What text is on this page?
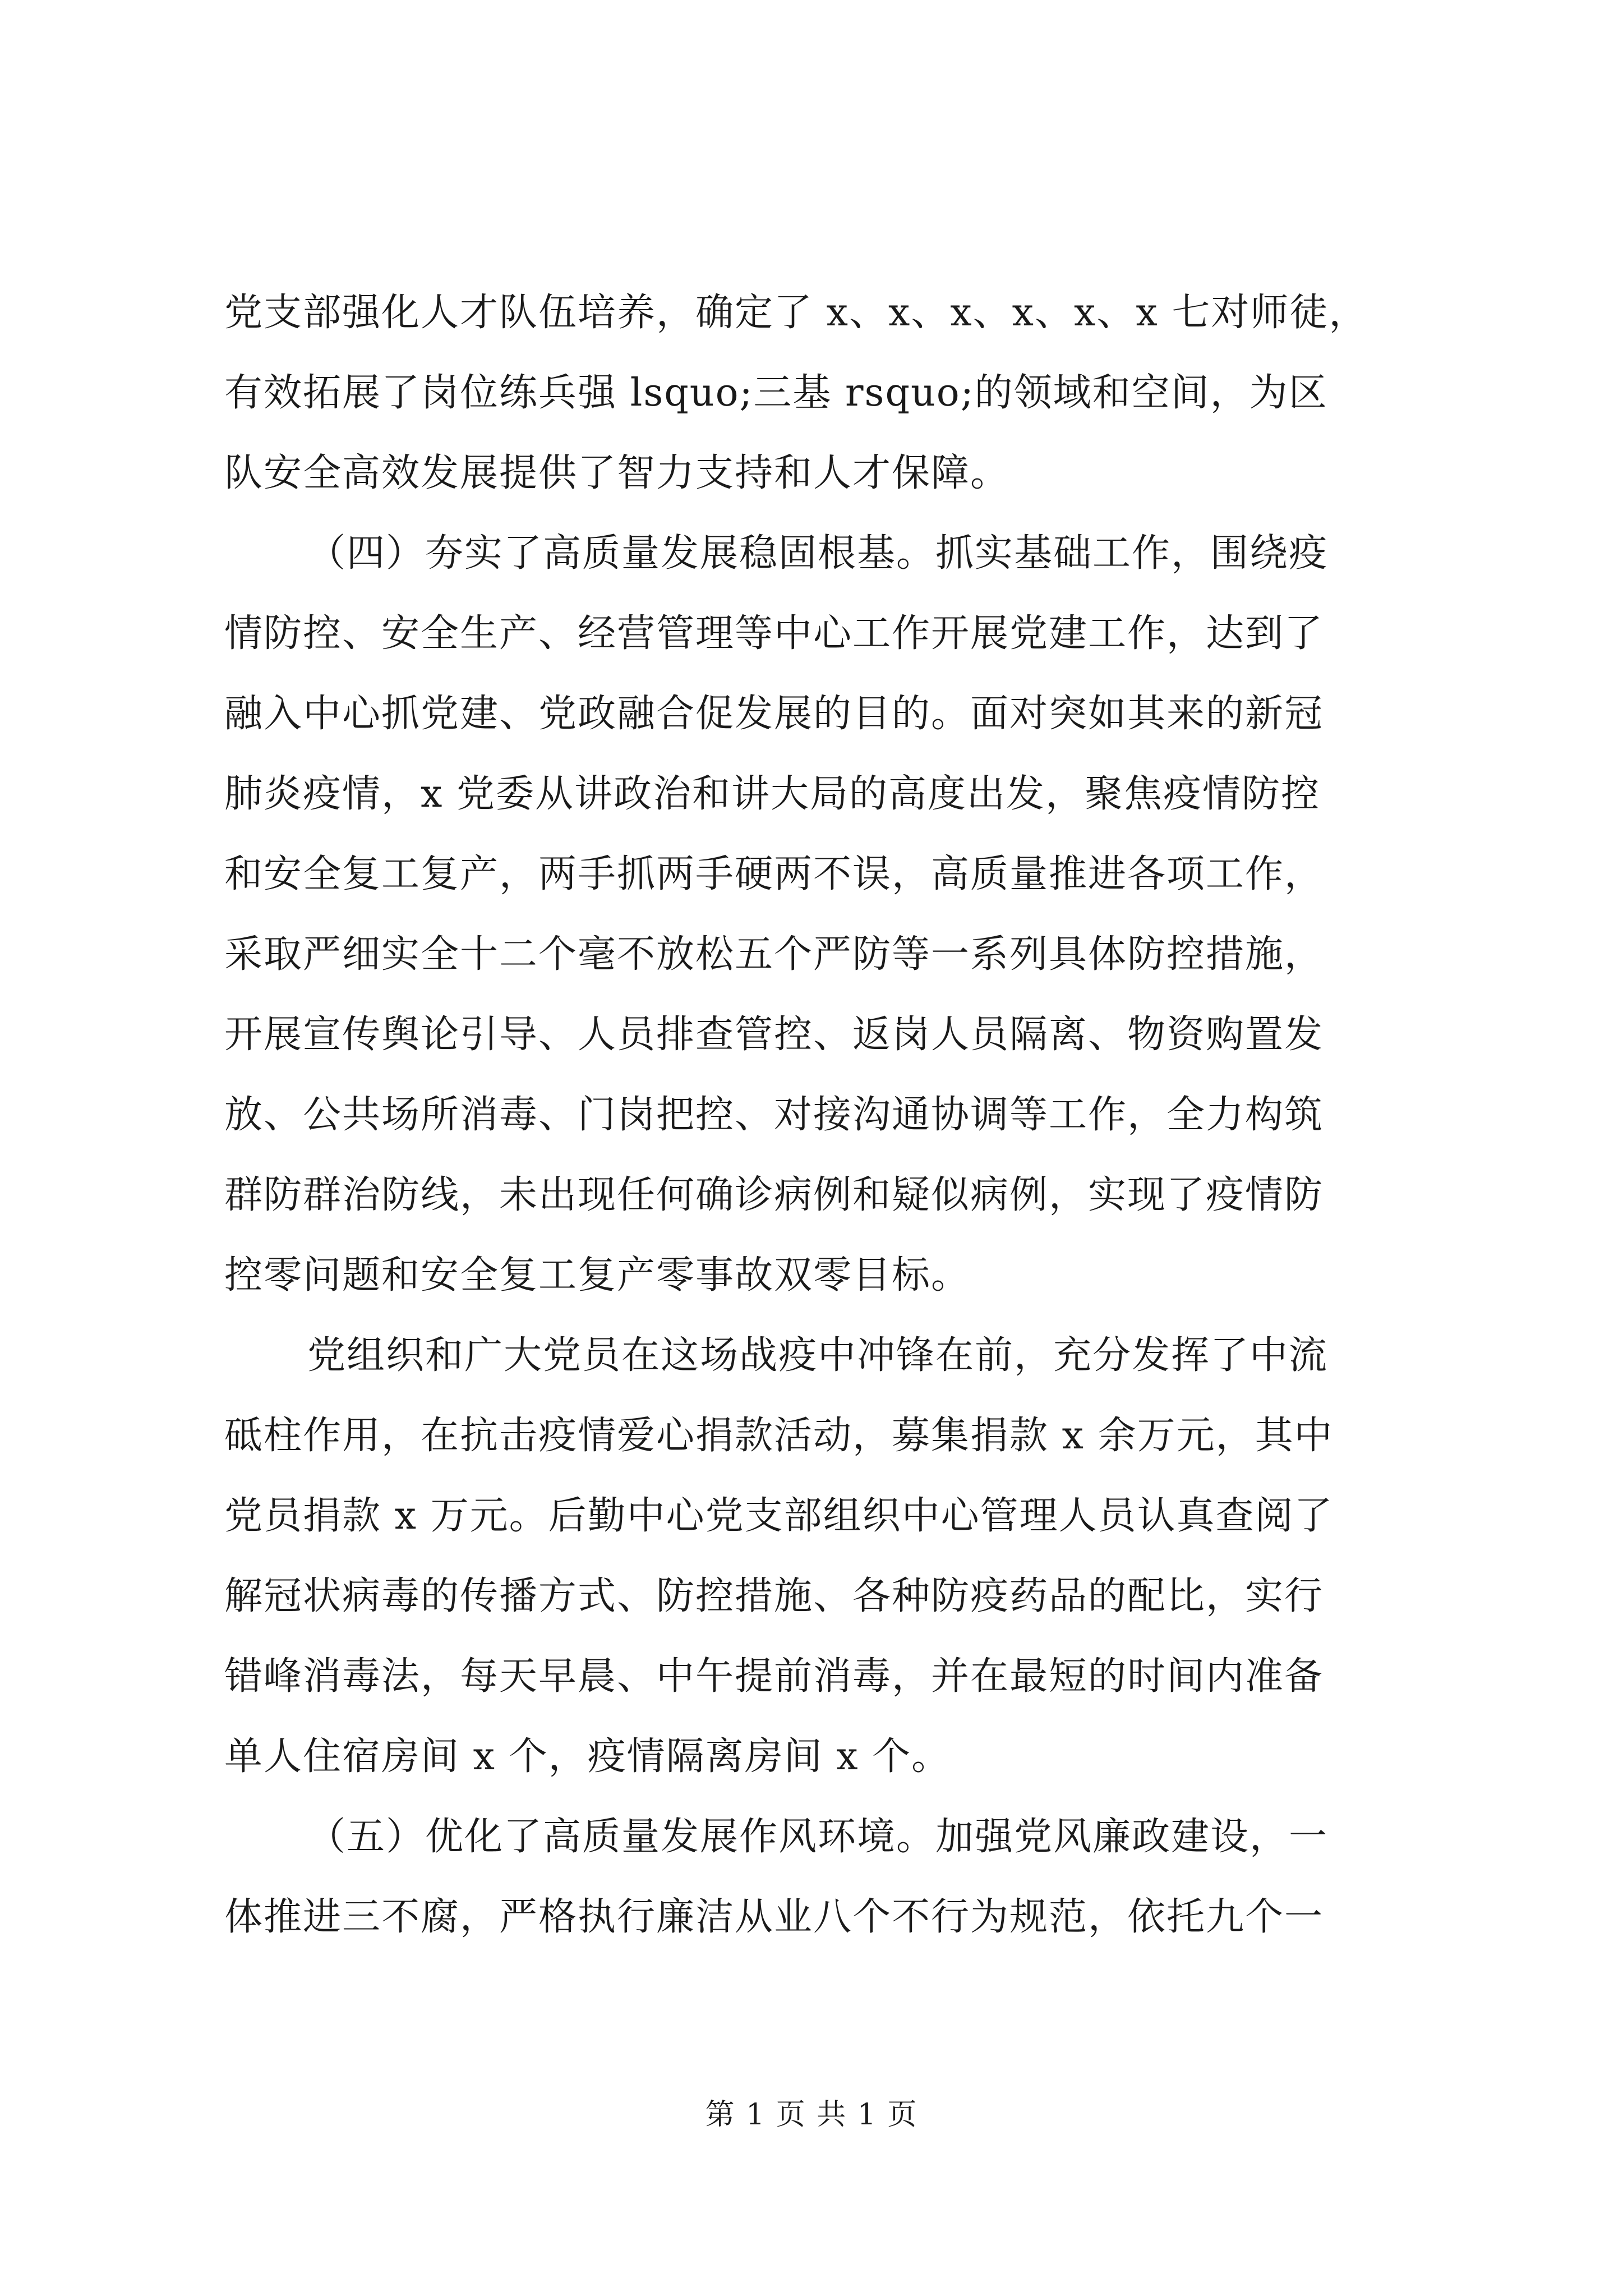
党支部强化人才队伍培养，确定了 x、x、x、x、x、x 七对师徒，
有效拓展了岗位练兵强 lsquo;三基 rsquo;的领域和空间，为区
队安全高效发展提供了智力支持和人才保障。
（四）夯实了高质量发展稳固根基。抓实基础工作，围绕疫
情防控、安全生产、经营管理等中心工作开展党建工作，达到了
融入中心抓党建、党政融合促发展的目的。面对突如其来的新冠
肺炎疫情，x 党委从讲政治和讲大局的高度出发，聚焦疫情防控
和安全复工复产，两手抓两手硬两不误，高质量推进各项工作，
采取严细实全十二个毫不放松五个严防等一系列具体防控措施，
开展宣传舆论引导、人员排查管控、返岗人员隔离、物资购置发
放、公共场所消毒、门岗把控、对接沟通协调等工作，全力构筑
群防群治防线，未出现任何确诊病例和疑似病例，实现了疫情防
控零问题和安全复工复产零事故双零目标。
党组织和广大党员在这场战疫中冲锋在前，充分发挥了中流
砥柱作用，在抗击疫情爱心捐款活动，募集捐款 x 余万元，其中
党员捐款 x 万元。后勤中心党支部组织中心管理人员认真查阅了
解冠状病毒的传播方式、防控措施、各种防疫药品的配比，实行
错峰消毒法，每天早晨、中午提前消毒，并在最短的时间内准备
单人住宿房间 x 个，疫情隔离房间 x 个。
（五）优化了高质量发展作风环境。加强党风廉政建设，一
体推进三不腐，严格执行廉洁从业八个不行为规范，依托九个一
第 1 页 共 1 页
